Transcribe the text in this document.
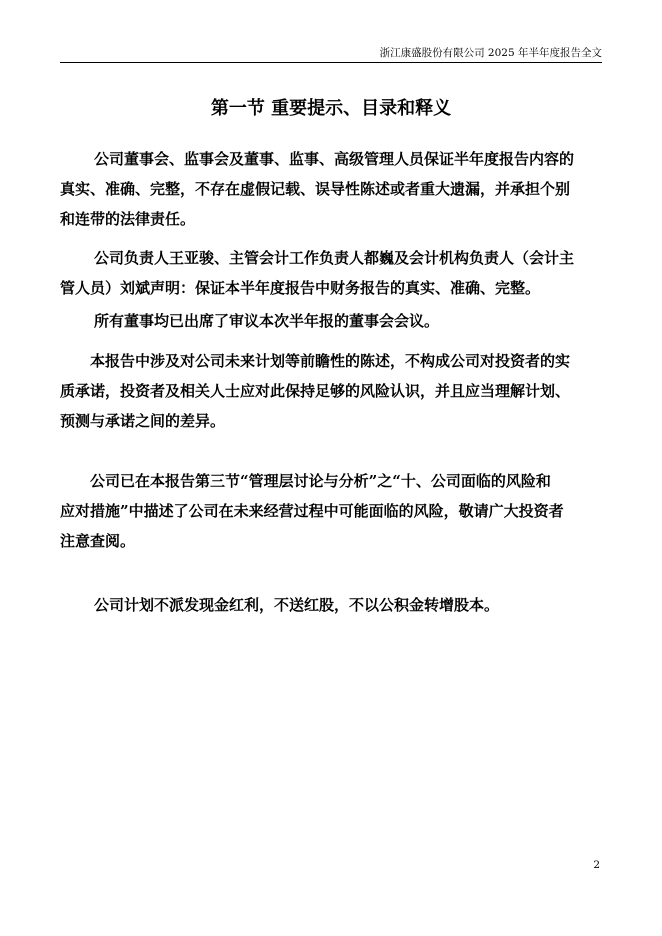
浙江康盛股份有限公司 2025 年半年度报告全文
第一节 重要提示、目录和释义

公司董事会、监事会及董事、监事、高级管理人员保证半年度报告内容的
真实、准确、完整，不存在虚假记载、误导性陈述或者重大遗漏，并承担个别
和连带的法律责任。

公司负责人王亚骏、主管会计工作负责人都巍及会计机构负责人（会计主
管人员）刘斌声明：保证本半年度报告中财务报告的真实、准确、完整。

所有董事均已出席了审议本次半年报的董事会会议。

本报告中涉及对公司未来计划等前瞻性的陈述，不构成公司对投资者的实
质承诺，投资者及相关人士应对此保持足够的风险认识，并且应当理解计划、
预测与承诺之间的差异。

公司已在本报告第三节“管理层讨论与分析”之“十、公司面临的风险和
应对措施”中描述了公司在未来经营过程中可能面临的风险，敬请广大投资者
注意查阅。

公司计划不派发现金红利，不送红股，不以公积金转增股本。

2
